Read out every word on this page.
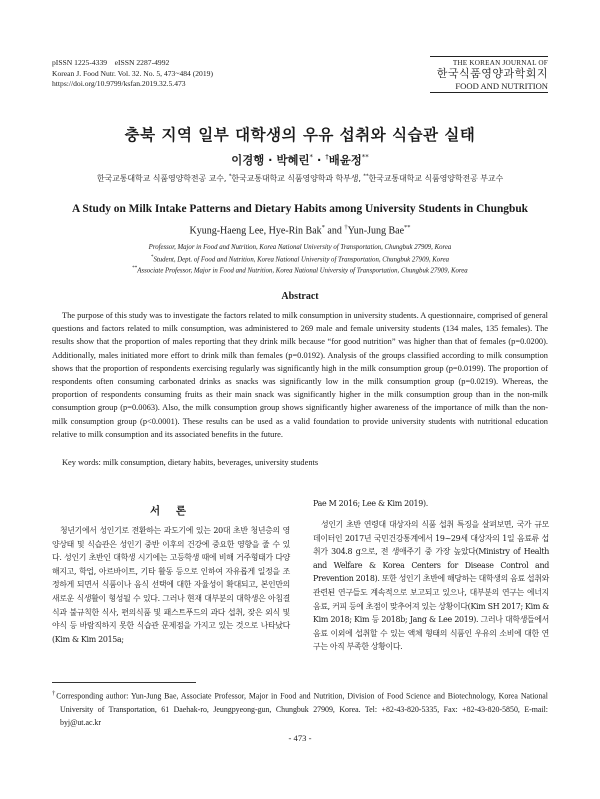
pISSN 1225-4339    eISSN 2287-4992
Korean J. Food Nutr. Vol. 32. No. 5, 473~484 (2019)
https://doi.org/10.9799/ksfan.2019.32.5.473
THE KOREAN JOURNAL OF
한국식품영양과학회지
FOOD AND NUTRITION
충북 지역 일부 대학생의 우유 섭취와 식습관 실태
이경행 · 박혜린* · †배윤정**
한국교통대학교 식품영양학전공 교수, *한국교통대학교 식품영양학과 학부생, **한국교통대학교 식품영양학전공 부교수
A Study on Milk Intake Patterns and Dietary Habits among University Students in Chungbuk
Kyung-Haeng Lee, Hye-Rin Bak* and †Yun-Jung Bae**
Professor, Major in Food and Nutrition, Korea National University of Transportation, Chungbuk 27909, Korea
*Student, Dept. of Food and Nutrition, Korea National University of Transportation, Chungbuk 27909, Korea
**Associate Professor, Major in Food and Nutrition, Korea National University of Transportation, Chungbuk 27909, Korea
Abstract
The purpose of this study was to investigate the factors related to milk consumption in university students. A questionnaire, comprised of general questions and factors related to milk consumption, was administered to 269 male and female university students (134 males, 135 females). The results show that the proportion of males reporting that they drink milk because “for good nutrition” was higher than that of females (p=0.0200). Additionally, males initiated more effort to drink milk than females (p=0.0192). Analysis of the groups classified according to milk consumption shows that the proportion of respondents exercising regularly was significantly high in the milk consumption group (p=0.0199). The proportion of respondents often consuming carbonated drinks as snacks was significantly low in the milk consumption group (p=0.0219). Whereas, the proportion of respondents consuming fruits as their main snack was significantly higher in the milk consumption group than in the non-milk consumption group (p=0.0063). Also, the milk consumption group shows significantly higher awareness of the importance of milk than the non-milk consumption group (p<0.0001). These results can be used as a valid foundation to provide university students with nutritional education relative to milk consumption and its associated benefits in the future.
Key words: milk consumption, dietary habits, beverages, university students
서 론
청년기에서 성인기로 전환하는 과도기에 있는 20대 초반 청년층의 영양상태 및 식습관은 성인기 중반 이후의 건강에 중요한 영향을 줄 수 있다. 성인기 초반인 대학생 시기에는 고등학생 때에 비해 거주형태가 다양해지고, 학업, 아르바이트, 기타 활동 등으로 인하여 자유롭게 일정을 조정하게 되면서 식품이나 음식 선택에 대한 자율성이 확대되고, 본인만의 새로운 식생활이 형성될 수 있다. 그러나 현재 대부분의 대학생은 아침결식과 불규칙한 식사, 편의식품 및 패스트푸드의 과다 섭취, 잦은 외식 및 야식 등 바람직하지 못한 식습관 문제점을 가지고 있는 것으로 나타났다(Kim & Kim 2015a;
Pae M 2016; Lee & Kim 2019).
성인기 초반 연령대 대상자의 식품 섭취 특징을 살펴보면, 국가 규모 데이터인 2017년 국민건강통계에서 19~29세 대상자의 1일 음료류 섭취가 304.8 g으로, 전 생애주기 중 가장 높았다(Ministry of Health and Welfare & Korea Centers for Disease Control and Prevention 2018). 또한 성인기 초반에 해당하는 대학생의 음료 섭취와 관련된 연구들도 계속적으로 보고되고 있으나, 대부분의 연구는 에너지 음료, 커피 등에 초점이 맞추어져 있는 상황이다(Kim SH 2017; Kim & Kim 2018; Kim 등 2018b; Jang & Lee 2019). 그러나 대학생들에서 음료 이외에 섭취할 수 있는 액체 형태의 식품인 우유의 소비에 대한 연구는 아직 부족한 상황이다.
†Corresponding author: Yun-Jung Bae, Associate Professor, Major in Food and Nutrition, Division of Food Science and Biotechnology, Korea National University of Transportation, 61 Daehak-ro, Jeungpyeong-gun, Chungbuk 27909, Korea. Tel: +82-43-820-5335, Fax: +82-43-820-5850, E-mail: byj@ut.ac.kr
- 473 -
